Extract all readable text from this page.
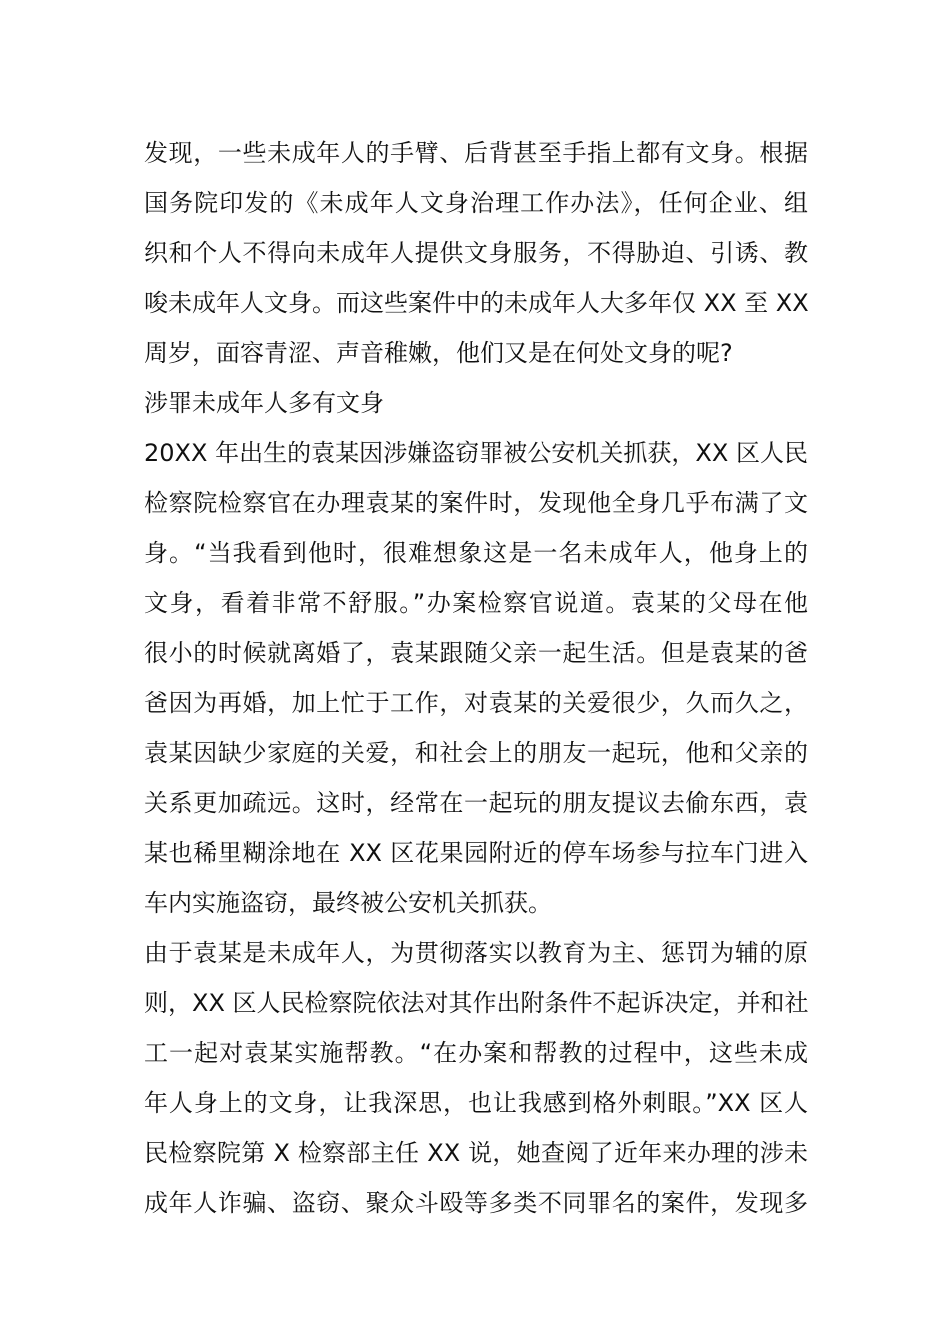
发现，一些未成年人的手臂、后背甚至手指上都有文身。根据
国务院印发的《未成年人文身治理工作办法》，任何企业、组
织和个人不得向未成年人提供文身服务，不得胁迫、引诱、教
唆未成年人文身。而这些案件中的未成年人大多年仅 XX 至 XX
周岁，面容青涩、声音稚嫩，他们又是在何处文身的呢?
涉罪未成年人多有文身
20XX 年出生的袁某因涉嫌盗窃罪被公安机关抓获，XX 区人民
检察院检察官在办理袁某的案件时，发现他全身几乎布满了文
身。“当我看到他时，很难想象这是一名未成年人，他身上的
文身，看着非常不舒服。”办案检察官说道。袁某的父母在他
很小的时候就离婚了，袁某跟随父亲一起生活。但是袁某的爸
爸因为再婚，加上忙于工作，对袁某的关爱很少，久而久之，
袁某因缺少家庭的关爱，和社会上的朋友一起玩，他和父亲的
关系更加疏远。这时，经常在一起玩的朋友提议去偷东西，袁
某也稀里糊涂地在 XX 区花果园附近的停车场参与拉车门进入
车内实施盗窃，最终被公安机关抓获。
由于袁某是未成年人，为贯彻落实以教育为主、惩罚为辅的原
则，XX 区人民检察院依法对其作出附条件不起诉决定，并和社
工一起对袁某实施帮教。“在办案和帮教的过程中，这些未成
年人身上的文身，让我深思，也让我感到格外刺眼。”XX 区人
民检察院第 X 检察部主任 XX 说，她查阅了近年来办理的涉未
成年人诈骗、盗窃、聚众斗殴等多类不同罪名的案件，发现多
